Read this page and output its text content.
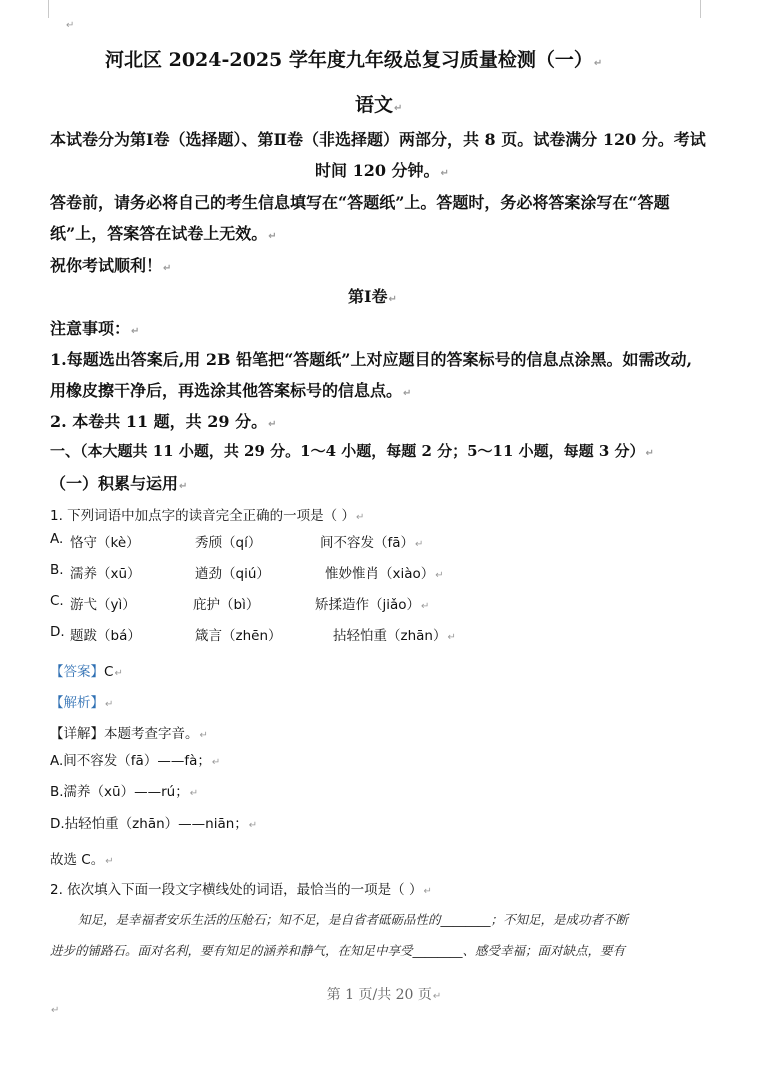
↵
河北区 2024-2025 学年度九年级总复习质量检测（一）↵
语文↵
本试卷分为第Ⅰ卷（选择题）、第Ⅱ卷（非选择题）两部分，共 8 页。试卷满分 120 分。考试
时间 120 分钟。↵
答卷前，请务必将自己的考生信息填写在“答题纸”上。答题时，务必将答案涂写在“答题
纸”上，答案答在试卷上无效。↵
祝你考试顺利！↵
第Ⅰ卷↵
注意事项：↵
1.每题选出答案后,用 2B 铅笔把“答题纸”上对应题目的答案标号的信息点涂黑。如需改动,
用橡皮擦干净后，再选涂其他答案标号的信息点。↵
2. 本卷共 11 题，共 29 分。↵
一、（本大题共 11 小题，共 29 分。1～4 小题，每题 2 分；5～11 小题，每题 3 分）↵
（一）积累与运用↵
1. 下列词语中加点字的读音完全正确的一项是（ ）↵
A. 恪守（kè）	秀颀（qí）	间不容发（fā）↵
B. 濡养（xū）	遒劲（qiú）	惟妙惟肖（xiào）↵
C. 游弋（yì）	庇护（bì）	矫揉造作（jiǎo）↵
D. 题跋（bá）	箴言（zhēn）	拈轻怕重（zhān）↵
【答案】C↵
【解析】↵
【详解】本题考查字音。↵
A.间不容发（fā）——fà；↵
B.濡养（xū）——rú；↵
D.拈轻怕重（zhān）——niān；↵
故选 C。↵
2. 依次填入下面一段文字横线处的词语，最恰当的一项是（ ）↵
知足，是幸福者安乐生活的压舱石；知不足，是自省者砥砺品性的________；不知足，是成功者不断
进步的铺路石。面对名利，要有知足的涵养和静气，在知足中享受________、感受幸福；面对缺点，要有
第 1 页/共 20 页↵
↵
